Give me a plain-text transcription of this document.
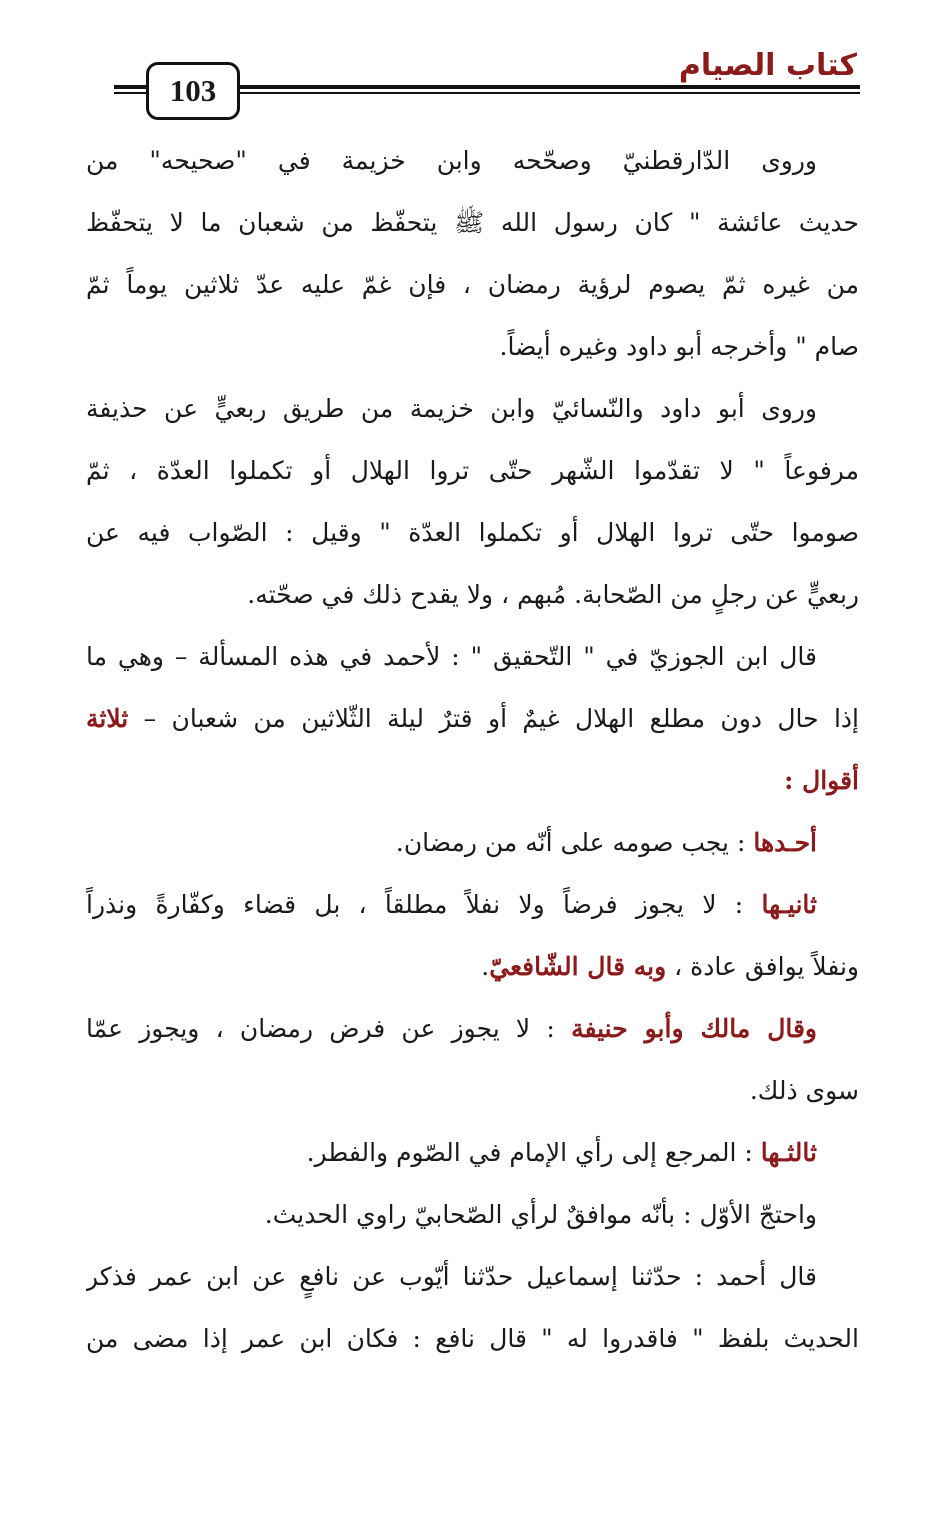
كتاب الصيام
103
وروى الدّارقطنيّ وصحّحه وابن خزيمة في "صحيحه" من
حديث عائشة " كان رسول الله ﷺ يتحفّظ من شعبان ما لا يتحفّظ
من غيره ثمّ يصوم لرؤية رمضان ، فإن غمّ عليه عدّ ثلاثين يوماً ثمّ
صام " وأخرجه أبو داود وغيره أيضاً.
وروى أبو داود والنّسائيّ وابن خزيمة من طريق ربعيٍّ عن حذيفة
مرفوعاً " لا تقدّموا الشّهر حتّى تروا الهلال أو تكملوا العدّة ، ثمّ
صوموا حتّى تروا الهلال أو تكملوا العدّة " وقيل : الصّواب فيه عن
ربعيٍّ عن رجلٍ من الصّحابة. مُبهم ، ولا يقدح ذلك في صحّته.
قال ابن الجوزيّ في " التّحقيق " : لأحمد في هذه المسألة – وهي ما
إذا حال دون مطلع الهلال غيمٌ أو قترٌ ليلة الثّلاثين من شعبان – ثلاثة
أقوال :
أحـدها : يجب صومه على أنّه من رمضان.
ثانيـها : لا يجوز فرضاً ولا نفلاً مطلقاً ، بل قضاء وكفّارةً ونذراً
ونفلاً يوافق عادة ، وبه قال الشّافعيّ.
وقال مالك وأبو حنيفة : لا يجوز عن فرض رمضان ، ويجوز عمّا
سوى ذلك.
ثالثـها : المرجع إلى رأي الإمام في الصّوم والفطر.
واحتجّ الأوّل : بأنّه موافقٌ لرأي الصّحابيّ راوي الحديث.
قال أحمد : حدّثنا إسماعيل حدّثنا أيّوب عن نافعٍ عن ابن عمر فذكر
الحديث بلفظ " فاقدروا له " قال نافع : فكان ابن عمر إذا مضى من
